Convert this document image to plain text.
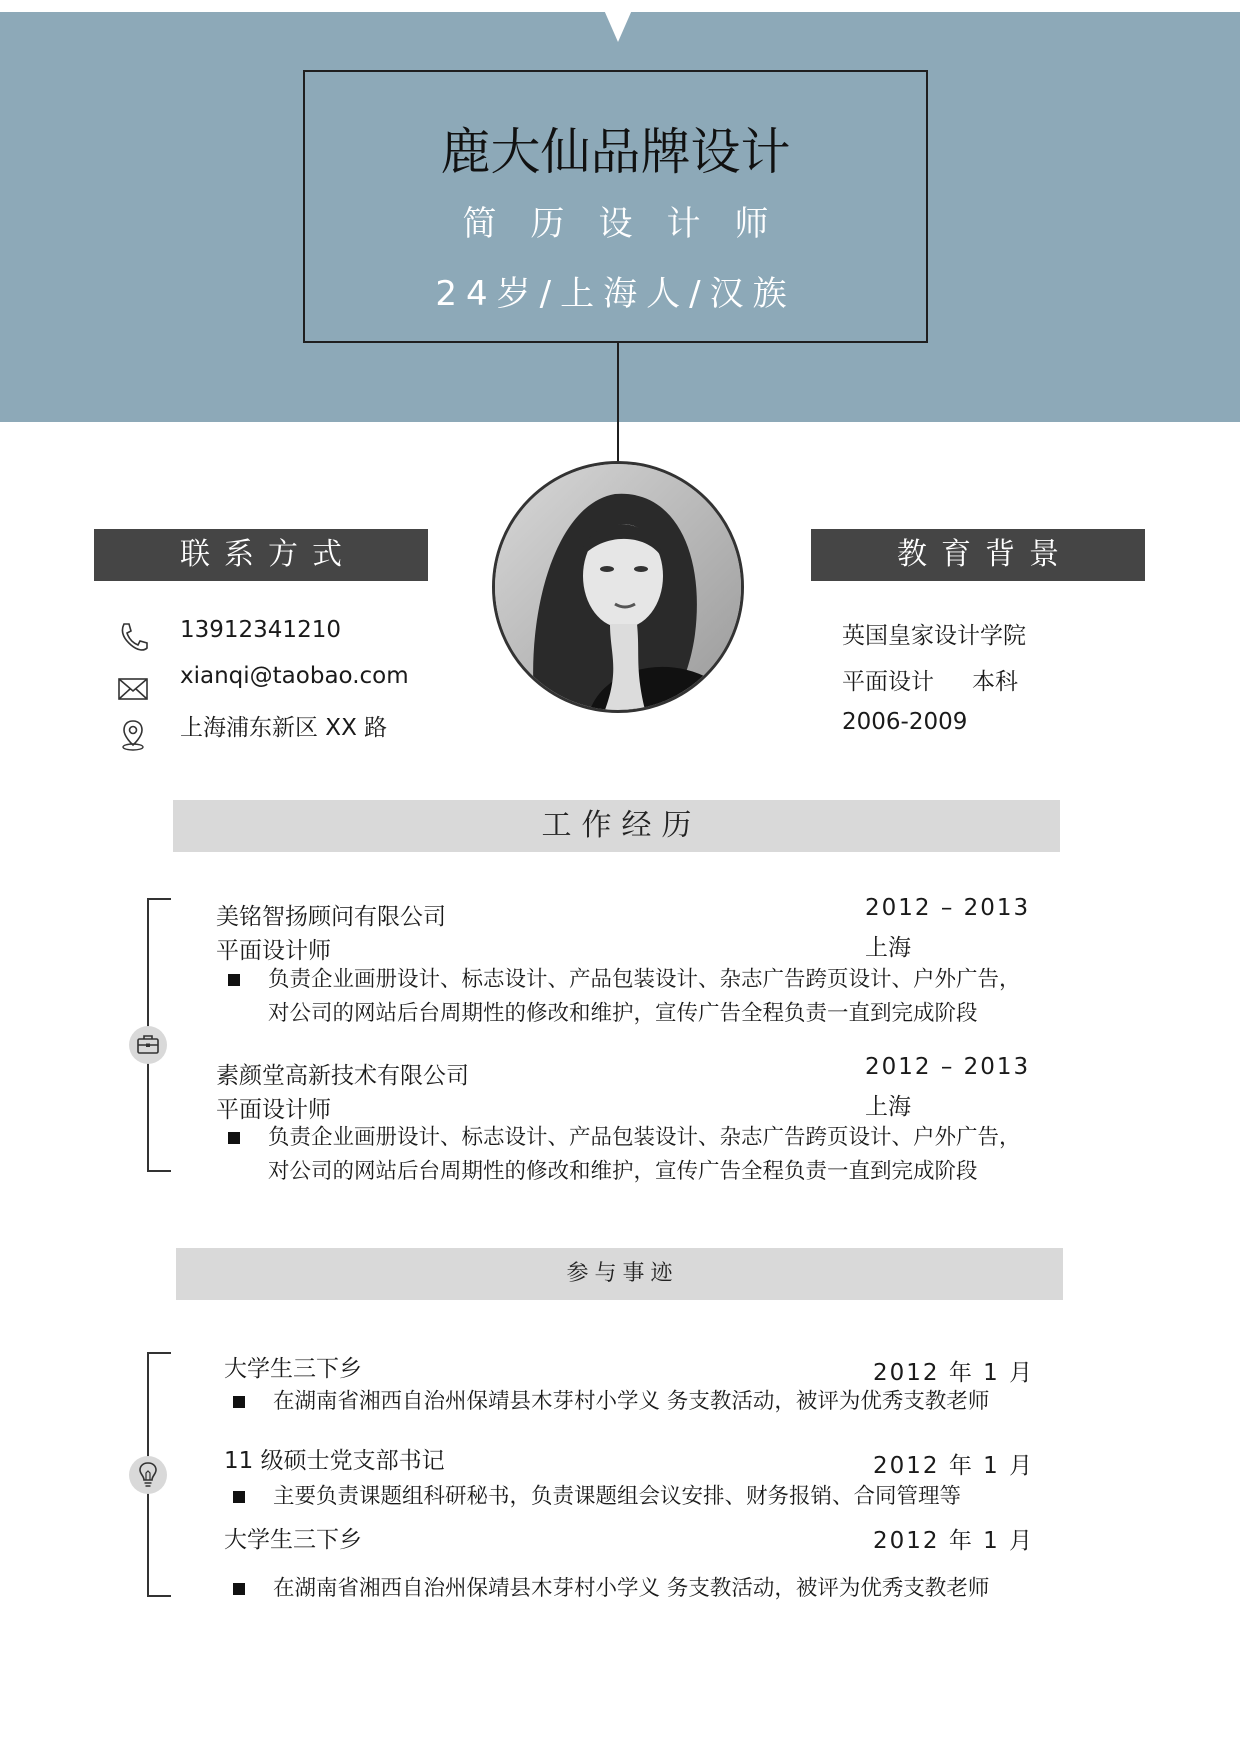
鹿大仙品牌设计
简历设计师
24岁/上海人/汉族
联系方式
13912341210
xianqi@taobao.com
上海浦东新区 XX 路
教育背景
英国皇家设计学院
平面设计 本科
2006-2009
工作经历
美铭智扬顾问有限公司	2012 – 2013
平面设计师	上海
负责企业画册设计、标志设计、产品包装设计、杂志广告跨页设计、户外广告，
对公司的网站后台周期性的修改和维护，宣传广告全程负责一直到完成阶段
素颜堂高新技术有限公司	2012 – 2013
平面设计师	上海
负责企业画册设计、标志设计、产品包装设计、杂志广告跨页设计、户外广告，
对公司的网站后台周期性的修改和维护，宣传广告全程负责一直到完成阶段
参与事迹
大学生三下乡	2012 年 1 月
在湖南省湘西自治州保靖县木芽村小学义 务支教活动，被评为优秀支教老师
11 级硕士党支部书记	2012 年 1 月
主要负责课题组科研秘书，负责课题组会议安排、财务报销、合同管理等
大学生三下乡	2012 年 1 月
在湖南省湘西自治州保靖县木芽村小学义 务支教活动，被评为优秀支教老师
